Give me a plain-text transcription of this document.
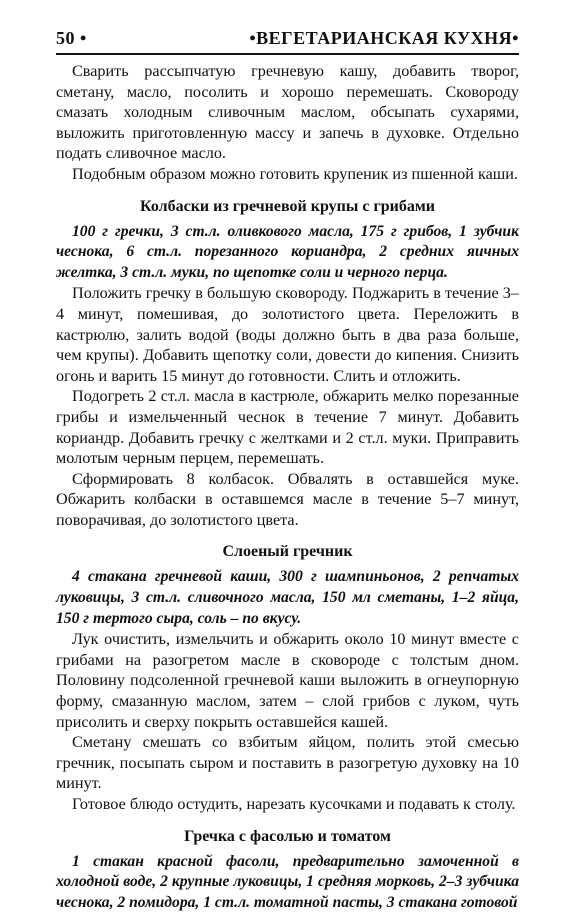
50 •	•ВЕГЕТАРИАНСКАЯ КУХНЯ•

Сварить рассыпчатую гречневую кашу, добавить творог, сметану, масло, посолить и хорошо перемешать. Сковороду смазать холодным сливочным маслом, обсыпать сухарями, выложить приготовленную массу и запечь в духовке. Отдельно подать сливочное масло.

Подобным образом можно готовить крупеник из пшенной каши.

Колбаски из гречневой крупы с грибами

100 г гречки, 3 ст.л. оливкового масла, 175 г грибов, 1 зубчик чеснока, 6 ст.л. порезанного кориандра, 2 средних яичных желтка, 3 ст.л. муки, по щепотке соли и черного перца.

Положить гречку в большую сковороду. Поджарить в течение 3–4 минут, помешивая, до золотистого цвета. Переложить в кастрюлю, залить водой (воды должно быть в два раза больше, чем крупы). Добавить щепотку соли, довести до кипения. Снизить огонь и варить 15 минут до готовности. Слить и отложить.

Подогреть 2 ст.л. масла в кастрюле, обжарить мелко порезанные грибы и измельченный чеснок в течение 7 минут. Добавить кориандр. Добавить гречку с желтками и 2 ст.л. муки. Приправить молотым черным перцем, перемешать.

Сформировать 8 колбасок. Обвалять в оставшейся муке. Обжарить колбаски в оставшемся масле в течение 5–7 минут, поворачивая, до золотистого цвета.

Слоеный гречник

4 стакана гречневой каши, 300 г шампиньонов, 2 репчатых луковицы, 3 ст.л. сливочного масла, 150 мл сметаны, 1–2 яйца, 150 г тертого сыра, соль – по вкусу.

Лук очистить, измельчить и обжарить около 10 минут вместе с грибами на разогретом масле в сковороде с толстым дном. Половину подсоленной гречневой каши выложить в огнеупорную форму, смазанную маслом, затем – слой грибов с луком, чуть присолить и сверху покрыть оставшейся кашей.

Сметану смешать со взбитым яйцом, полить этой смесью гречник, посыпать сыром и поставить в разогретую духовку на 10 минут.

Готовое блюдо остудить, нарезать кусочками и подавать к столу.

Гречка с фасолью и томатом

1 стакан красной фасоли, предварительно замоченной в холодной воде, 2 крупные луковицы, 1 средняя морковь, 2–3 зубчика чеснока, 2 помидора, 1 ст.л. томатной пасты, 3 стакана готовой
